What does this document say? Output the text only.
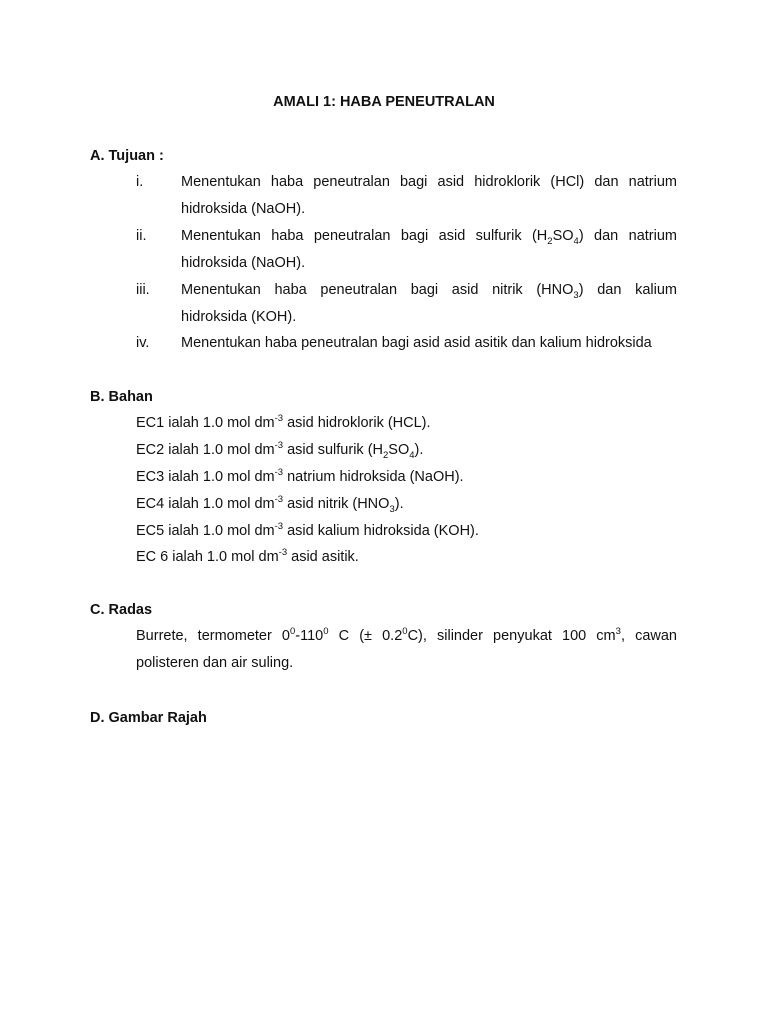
AMALI 1: HABA PENEUTRALAN
A. Tujuan :
i.	Menentukan haba peneutralan bagi asid hidroklorik (HCl) dan natrium
hidroksida (NaOH).
ii. Menentukan haba peneutralan bagi asid sulfurik $(H_2SO_4)$ dan natrium
hidroksida (NaOH).
iii. Menentukan haba peneutralan bagi asid nitrik $(HNO_3)$ dan kalium
hidroksida (KOH).
iv. Menentukan haba peneutralan bagi asid asid asitik dan kalium hidroksida
B. Bahan
EC1 ialah 1.0 mol $dm^{-3}$ asid hidroklorik (HCL).
EC2 ialah 1.0 mol $dm^{-3}$ asid sulfurik $(H_2SO_4)$.
EC3 ialah 1.0 mol $dm^{-3}$ natrium hidroksida (NaOH).
EC4 ialah 1.0 mol $dm^{-3}$ asid nitrik $(HNO_3)$.
EC5 ialah 1.0 mol $dm^{-3}$ asid kalium hidroksida (KOH).
EC 6 ialah 1.0 mol $dm^{-3}$ asid asitik.
C. Radas
Burrete, termometer $0^0-110^0$ C (± $0.2^0C$), silinder penyukat 100 $cm^3$, cawan
polisteren dan air suling.
D. Gambar Rajah
